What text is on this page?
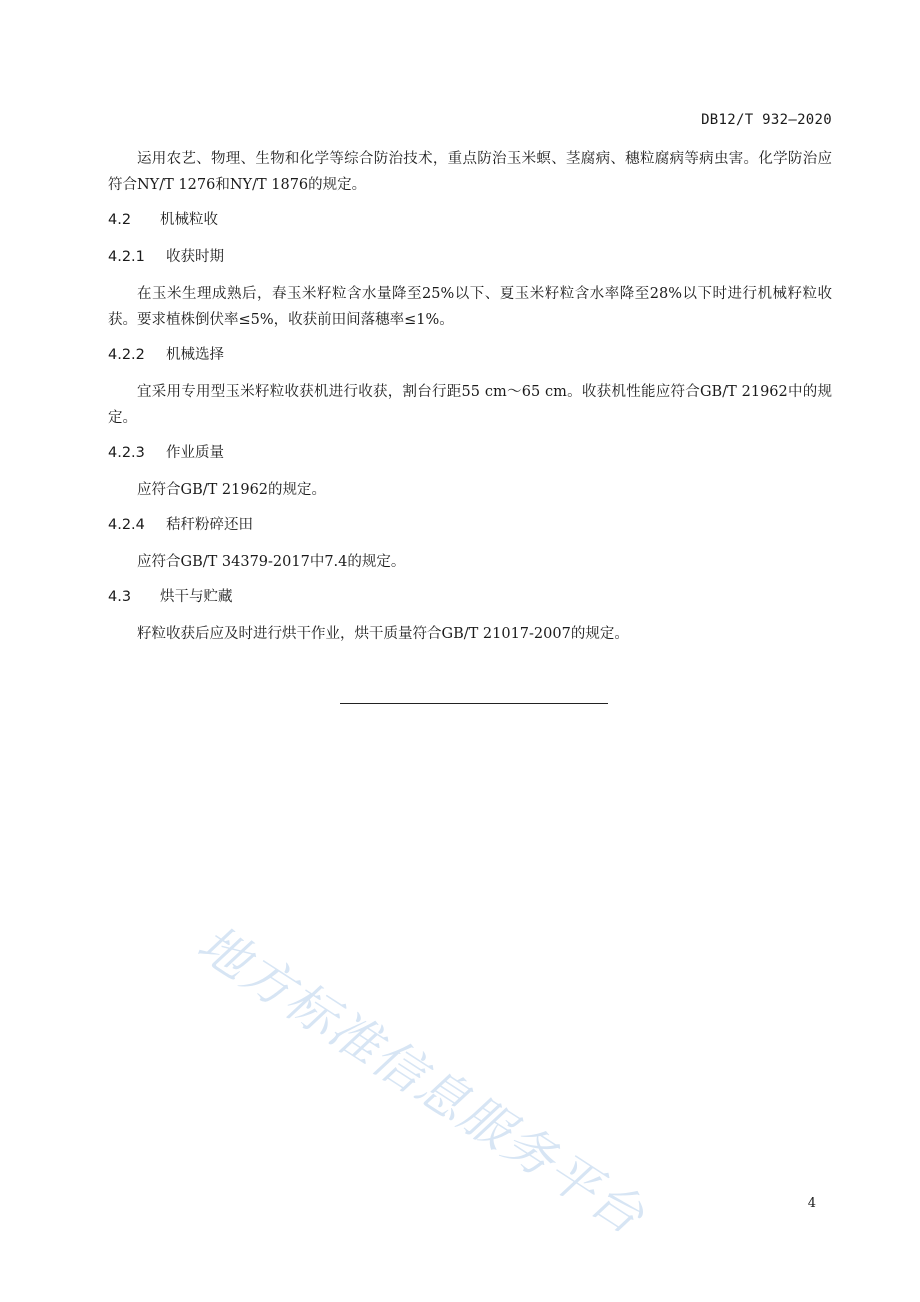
DB12/T 932—2020

运用农艺、物理、生物和化学等综合防治技术，重点防治玉米螟、茎腐病、穗粒腐病等病虫害。化学防治应符合NY/T 1276和NY/T 1876的规定。

4.2 机械粒收
4.2.1 收获时期

在玉米生理成熟后，春玉米籽粒含水量降至25%以下、夏玉米籽粒含水率降至28%以下时进行机械籽粒收获。要求植株倒伏率≤5%，收获前田间落穗率≤1%。

4.2.2 机械选择

宜采用专用型玉米籽粒收获机进行收获，割台行距55 cm～65 cm。收获机性能应符合GB/T 21962中的规定。

4.2.3 作业质量

应符合GB/T 21962的规定。

4.2.4 秸秆粉碎还田

应符合GB/T 34379-2017中7.4的规定。

4.3 烘干与贮藏

籽粒收获后应及时进行烘干作业，烘干质量符合GB/T 21017-2007的规定。

地方标准信息服务平台	4
